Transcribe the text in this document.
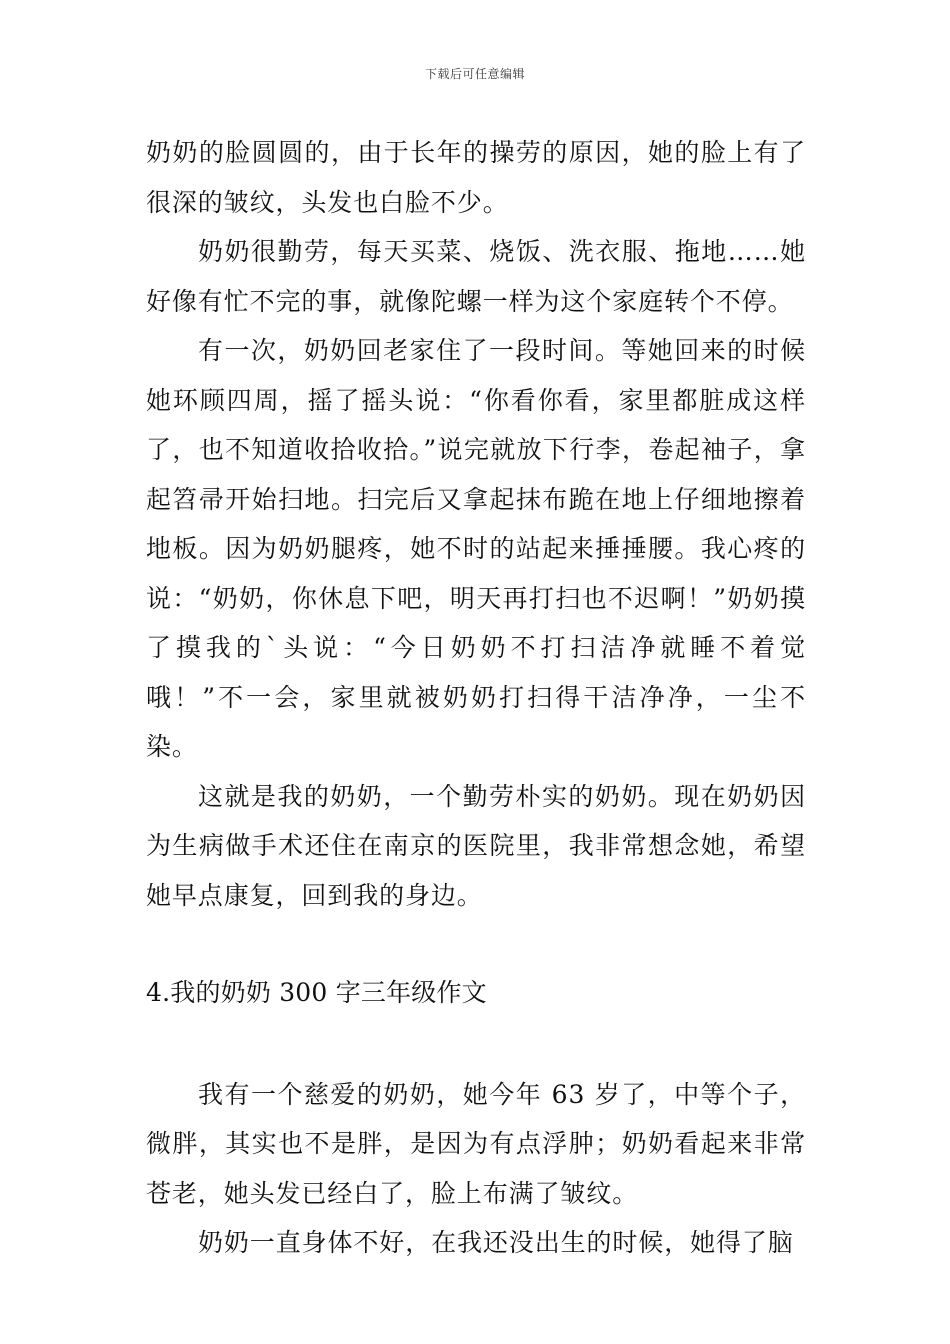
下载后可任意编辑

奶奶的脸圆圆的，由于长年的操劳的原因，她的脸上有了很深的皱纹，头发也白脸不少。

奶奶很勤劳，每天买菜、烧饭、洗衣服、拖地……她好像有忙不完的事，就像陀螺一样为这个家庭转个不停。

有一次，奶奶回老家住了一段时间。等她回来的时候她环顾四周，摇了摇头说：“你看你看，家里都脏成这样了，也不知道收拾收拾。”说完就放下行李，卷起袖子，拿起笤帚开始扫地。扫完后又拿起抹布跪在地上仔细地擦着地板。因为奶奶腿疼，她不时的站起来捶捶腰。我心疼的说：“奶奶，你休息下吧，明天再打扫也不迟啊！”奶奶摸了摸我的`头说：“今日奶奶不打扫洁净就睡不着觉哦！”不一会，家里就被奶奶打扫得干洁净净，一尘不染。

这就是我的奶奶，一个勤劳朴实的奶奶。现在奶奶因为生病做手术还住在南京的医院里，我非常想念她，希望她早点康复，回到我的身边。

4.我的奶奶 300 字三年级作文

我有一个慈爱的奶奶，她今年 63 岁了，中等个子，微胖，其实也不是胖，是因为有点浮肿；奶奶看起来非常苍老，她头发已经白了，脸上布满了皱纹。

奶奶一直身体不好，在我还没出生的时候，她得了脑
